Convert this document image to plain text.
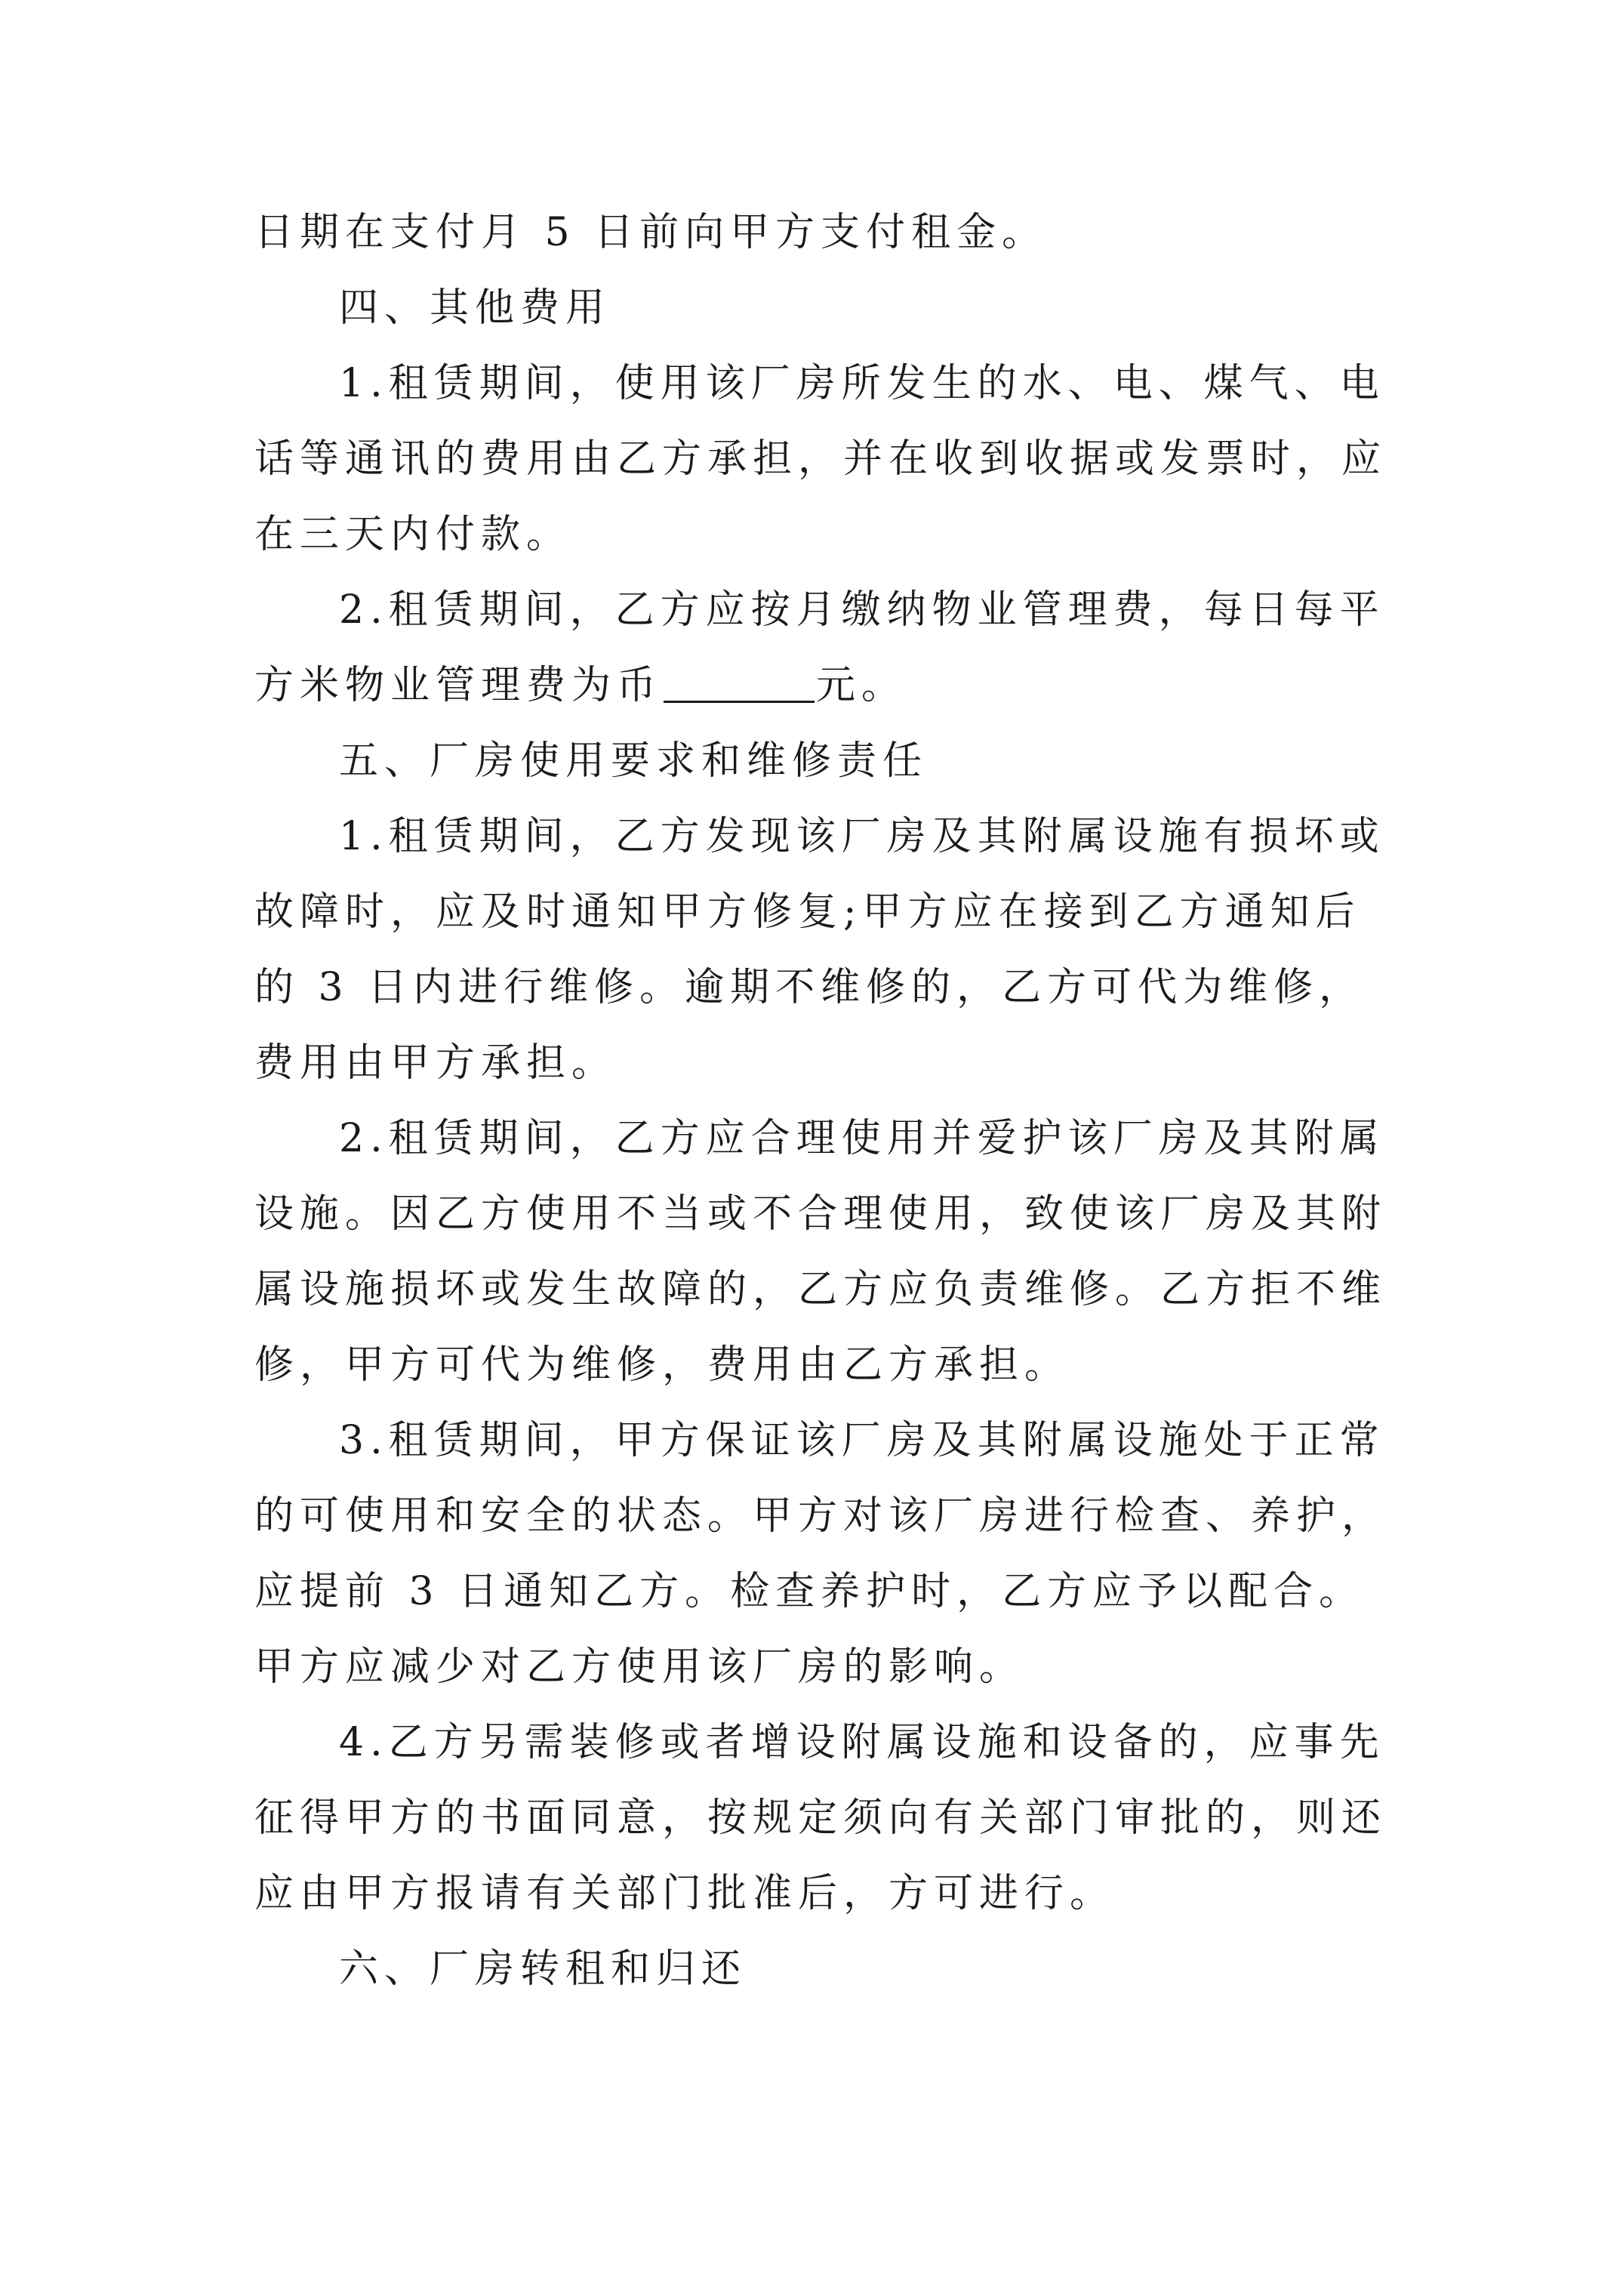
日期在支付月 5 日前向甲方支付租金。

四、其他费用

1.租赁期间，使用该厂房所发生的水、电、煤气、电话等通讯的费用由乙方承担，并在收到收据或发票时，应在三天内付款。

2.租赁期间，乙方应按月缴纳物业管理费，每日每平方米物业管理费为币	元。

五、厂房使用要求和维修责任

1.租赁期间，乙方发现该厂房及其附属设施有损坏或故障时，应及时通知甲方修复;甲方应在接到乙方通知后的 3 日内进行维修。逾期不维修的，乙方可代为维修，费用由甲方承担。

2.租赁期间，乙方应合理使用并爱护该厂房及其附属设施。因乙方使用不当或不合理使用，致使该厂房及其附属设施损坏或发生故障的，乙方应负责维修。乙方拒不维修，甲方可代为维修，费用由乙方承担。

3.租赁期间，甲方保证该厂房及其附属设施处于正常的可使用和安全的状态。甲方对该厂房进行检查、养护，应提前 3 日通知乙方。检查养护时，乙方应予以配合。甲方应减少对乙方使用该厂房的影响。

4.乙方另需装修或者增设附属设施和设备的，应事先征得甲方的书面同意，按规定须向有关部门审批的，则还应由甲方报请有关部门批准后，方可进行。

六、厂房转租和归还
